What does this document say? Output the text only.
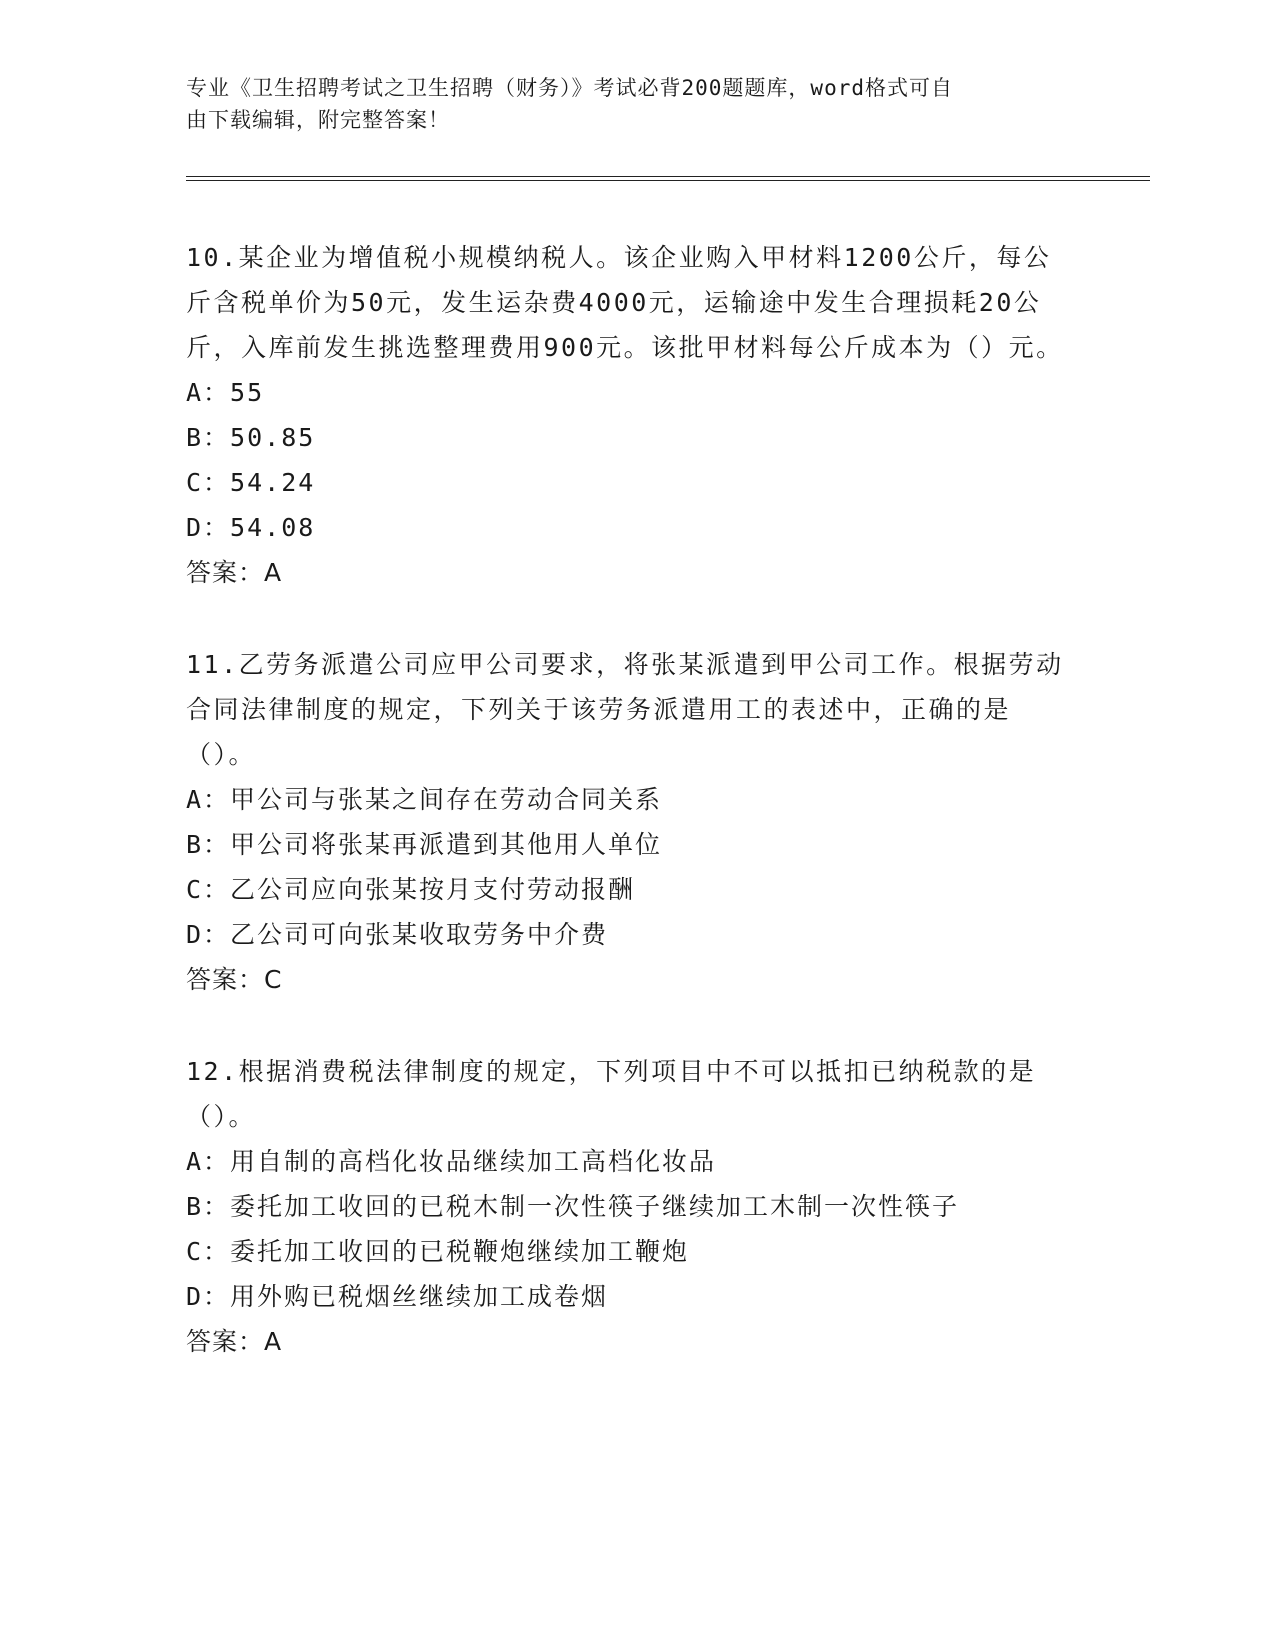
专业《卫生招聘考试之卫生招聘（财务）》考试必背200题题库，word格式可自
由下载编辑，附完整答案！

10.某企业为增值税小规模纳税人。该企业购入甲材料1200公斤，每公斤含税单价为50元，发生运杂费4000元，运输途中发生合理损耗20公斤，入库前发生挑选整理费用900元。该批甲材料每公斤成本为（）元。

A：55

B：50.85

C：54.24

D：54.08

答案：A

11.乙劳务派遣公司应甲公司要求，将张某派遣到甲公司工作。根据劳动合同法律制度的规定，下列关于该劳务派遣用工的表述中，正确的是（）。

A：甲公司与张某之间存在劳动合同关系

B：甲公司将张某再派遣到其他用人单位

C：乙公司应向张某按月支付劳动报酬

D：乙公司可向张某收取劳务中介费

答案：C

12.根据消费税法律制度的规定，下列项目中不可以抵扣已纳税款的是（）。

A：用自制的高档化妆品继续加工高档化妆品

B：委托加工收回的已税木制一次性筷子继续加工木制一次性筷子

C：委托加工收回的已税鞭炮继续加工鞭炮

D：用外购已税烟丝继续加工成卷烟

答案：A
